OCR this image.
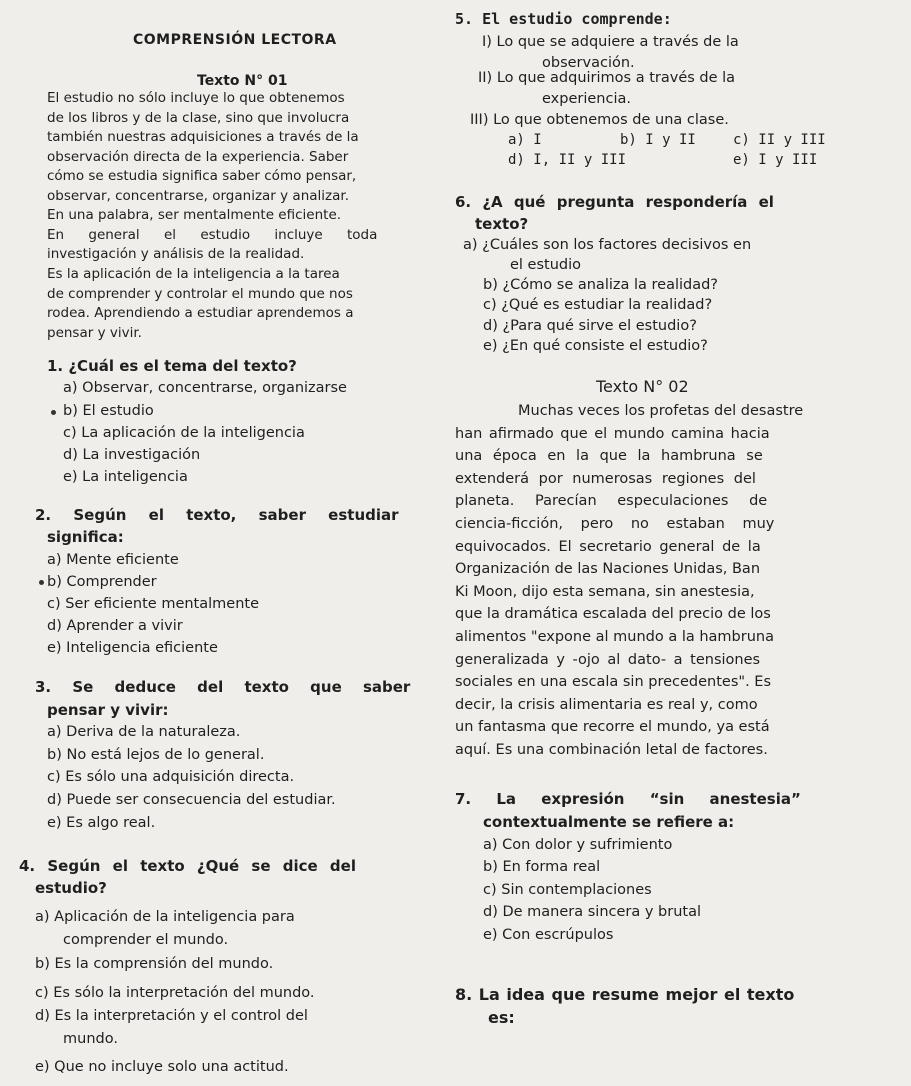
COMPRENSIÓN LECTORA
Texto N° 01
El estudio no sólo incluye lo que obtenemos
de los libros y de la clase, sino que involucra
también nuestras adquisiciones a través de la
observación directa de la experiencia. Saber
cómo se estudia significa saber cómo pensar,
observar, concentrarse, organizar y analizar.
En una palabra, ser mentalmente eficiente.
En general el estudio incluye toda
investigación y análisis de la realidad.
Es la aplicación de la inteligencia a la tarea
de comprender y controlar el mundo que nos
rodea. Aprendiendo a estudiar aprendemos a
pensar y vivir.
1. ¿Cuál es el tema del texto?
a) Observar, concentrarse, organizarse
b) El estudio
c) La aplicación de la inteligencia
d) La investigación
e) La inteligencia
2. Según el texto, saber estudiar
significa:
a) Mente eficiente
b) Comprender
c) Ser eficiente mentalmente
d) Aprender a vivir
e) Inteligencia eficiente
3. Se deduce del texto que saber
pensar y vivir:
a) Deriva de la naturaleza.
b) No está lejos de lo general.
c) Es sólo una adquisición directa.
d) Puede ser consecuencia del estudiar.
e) Es algo real.
4. Según el texto ¿Qué se dice del
estudio?
a) Aplicación de la inteligencia para
comprender el mundo.
b) Es la comprensión del mundo.
c) Es sólo la interpretación del mundo.
d) Es la interpretación y el control del
mundo.
e) Que no incluye solo una actitud.
5. El estudio comprende:
I) Lo que se adquiere a través de la
observación.
II) Lo que adquirimos a través de la
experiencia.
III) Lo que obtenemos de una clase.
a) I	b) I y II	c) II y III
d) I, II y III	e) I y III
6. ¿A qué pregunta respondería el
texto?
a) ¿Cuáles son los factores decisivos en
el estudio
b) ¿Cómo se analiza la realidad?
c) ¿Qué es estudiar la realidad?
d) ¿Para qué sirve el estudio?
e) ¿En qué consiste el estudio?
Texto N° 02
Muchas veces los profetas del desastre
han afirmado que el mundo camina hacia
una época en la que la hambruna se
extenderá por numerosas regiones del
planeta. Parecían especulaciones de
ciencia-ficción, pero no estaban muy
equivocados. El secretario general de la
Organización de las Naciones Unidas, Ban
Ki Moon, dijo esta semana, sin anestesia,
que la dramática escalada del precio de los
alimentos "expone al mundo a la hambruna
generalizada y -ojo al dato- a tensiones
sociales en una escala sin precedentes". Es
decir, la crisis alimentaria es real y, como
un fantasma que recorre el mundo, ya está
aquí. Es una combinación letal de factores.
7. La expresión “sin anestesia”
contextualmente se refiere a:
a) Con dolor y sufrimiento
b) En forma real
c) Sin contemplaciones
d) De manera sincera y brutal
e) Con escrúpulos
8. La idea que resume mejor el texto
es:
